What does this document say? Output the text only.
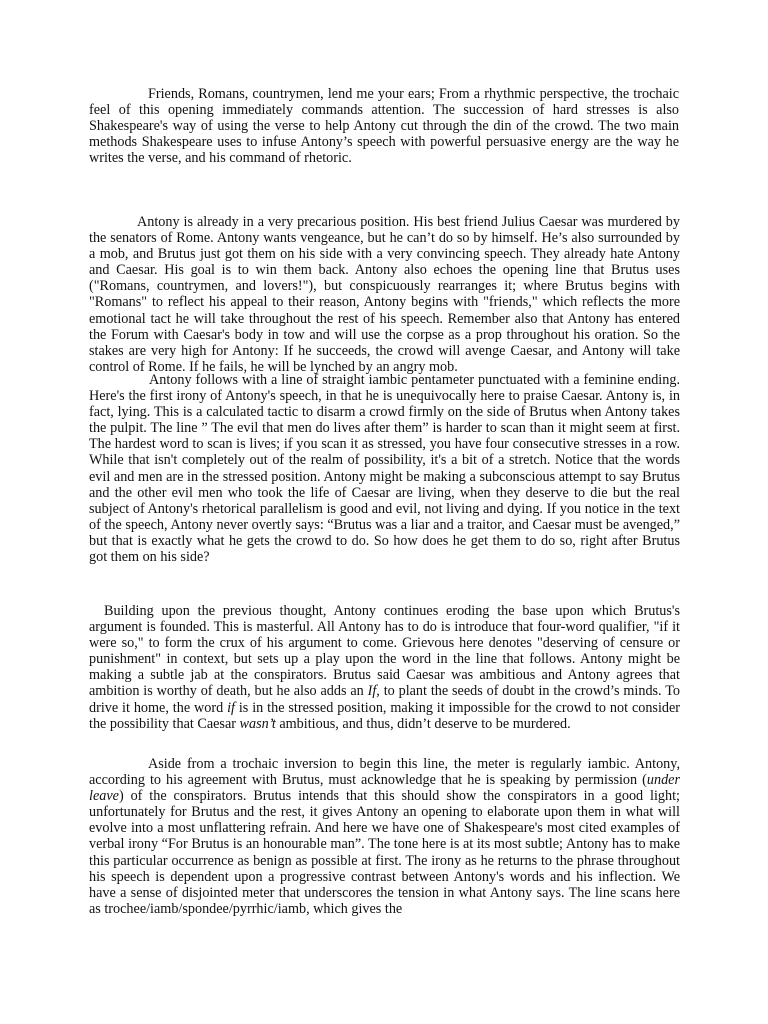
Friends, Romans, countrymen, lend me your ears; From a rhythmic perspective, the trochaic feel of this opening immediately commands attention. The succession of hard stresses is also Shakespeare's way of using the verse to help Antony cut through the din of the crowd. The two main methods Shakespeare uses to infuse Antony’s speech with powerful persuasive energy are the way he writes the verse, and his command of rhetoric.

Antony is already in a very precarious position. His best friend Julius Caesar was murdered by the senators of Rome. Antony wants vengeance, but he can’t do so by himself. He’s also surrounded by a mob, and Brutus just got them on his side with a very convincing speech. They already hate Antony and Caesar. His goal is to win them back. Antony also echoes the opening line that Brutus uses ("Romans, countrymen, and lovers!"), but conspicuously rearranges it; where Brutus begins with "Romans" to reflect his appeal to their reason, Antony begins with "friends," which reflects the more emotional tact he will take throughout the rest of his speech. Remember also that Antony has entered the Forum with Caesar's body in tow and will use the corpse as a prop throughout his oration. So the stakes are very high for Antony: If he succeeds, the crowd will avenge Caesar, and Antony will take control of Rome. If he fails, he will be lynched by an angry mob.

Antony follows with a line of straight iambic pentameter punctuated with a feminine ending. Here's the first irony of Antony's speech, in that he is unequivocally here to praise Caesar. Antony is, in fact, lying. This is a calculated tactic to disarm a crowd firmly on the side of Brutus when Antony takes the pulpit. The line ” The evil that men do lives after them” is harder to scan than it might seem at first. The hardest word to scan is lives; if you scan it as stressed, you have four consecutive stresses in a row. While that isn't completely out of the realm of possibility, it's a bit of a stretch. Notice that the words evil and men are in the stressed position. Antony might be making a subconscious attempt to say Brutus and the other evil men who took the life of Caesar are living, when they deserve to die but the real subject of Antony's rhetorical parallelism is good and evil, not living and dying. If you notice in the text of the speech, Antony never overtly says: “Brutus was a liar and a traitor, and Caesar must be avenged,” but that is exactly what he gets the crowd to do. So how does he get them to do so, right after Brutus got them on his side?

Building upon the previous thought, Antony continues eroding the base upon which Brutus's argument is founded. This is masterful. All Antony has to do is introduce that four-word qualifier, "if it were so," to form the crux of his argument to come. Grievous here denotes "deserving of censure or punishment" in context, but sets up a play upon the word in the line that follows. Antony might be making a subtle jab at the conspirators. Brutus said Caesar was ambitious and Antony agrees that ambition is worthy of death, but he also adds an If, to plant the seeds of doubt in the crowd’s minds. To drive it home, the word if is in the stressed position, making it impossible for the crowd to not consider the possibility that Caesar wasn’t ambitious, and thus, didn’t deserve to be murdered.

Aside from a trochaic inversion to begin this line, the meter is regularly iambic. Antony, according to his agreement with Brutus, must acknowledge that he is speaking by permission (under leave) of the conspirators. Brutus intends that this should show the conspirators in a good light; unfortunately for Brutus and the rest, it gives Antony an opening to elaborate upon them in what will evolve into a most unflattering refrain. And here we have one of Shakespeare's most cited examples of verbal irony “For Brutus is an honourable man”. The tone here is at its most subtle; Antony has to make this particular occurrence as benign as possible at first. The irony as he returns to the phrase throughout his speech is dependent upon a progressive contrast between Antony's words and his inflection. We have a sense of disjointed meter that underscores the tension in what Antony says. The line scans here as trochee/iamb/spondee/pyrrhic/iamb, which gives the
